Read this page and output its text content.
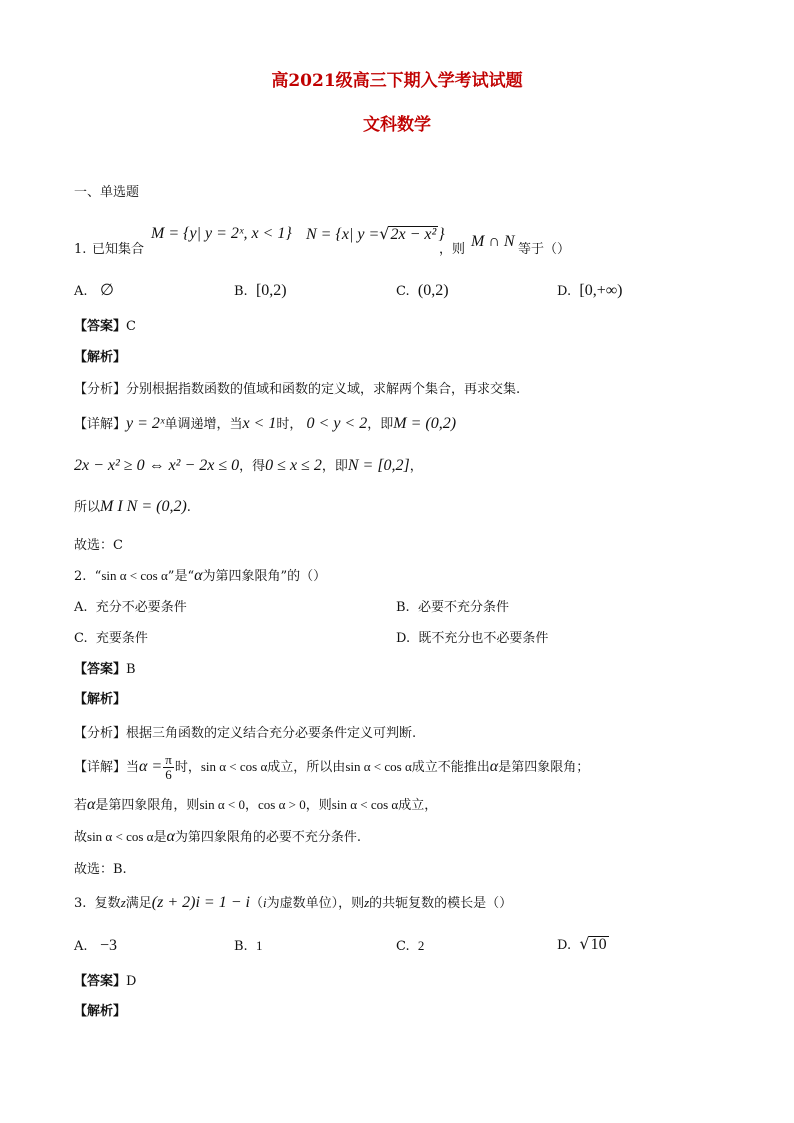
高2021级高三下期入学考试试题
文科数学
一、单选题
1. 已知集合
M = {y| y = 2ˣ, x < 1} N = {x| y =√2x − x² }
，则 M ∩ N 等于（）
A. ∅	B. [0,2)	C. (0,2)	D. [0,+∞)
【答案】C
【解析】
【分析】分别根据指数函数的值域和函数的定义域，求解两个集合，再求交集.
【详解】y = 2ˣ单调递增，当x < 1时， 0 < y < 2，即M = (0,2)
2x − x² ≥ 0 ⇔ x² − 2x ≤ 0，得0 ≤ x ≤ 2，即N = [0,2]，
所以M I N = (0,2).
故选：C
2. “sin α < cos α”是“α为第四象限角”的（）
A. 充分不必要条件	B. 必要不充分条件
C. 充要条件	D. 既不充分也不必要条件
【答案】B
【解析】
【分析】根据三角函数的定义结合充分必要条件定义可判断.
【详解】当$\alpha = \frac{\pi}{6}$ 时，sin α < cos α成立，所以由sin α < cos α成立不能推出α是第四象限角；
若α是第四象限角，则sin α < 0，cos α > 0，则sin α < cos α成立，
故sin α < cos α是α为第四象限角的必要不充分条件.
故选：B.
3. 复数z满足(z + 2)i = 1 − i（i为虚数单位），则z的共轭复数的模长是（）
A. −3	B. 1	C. 2	D. √10
【答案】D
【解析】
